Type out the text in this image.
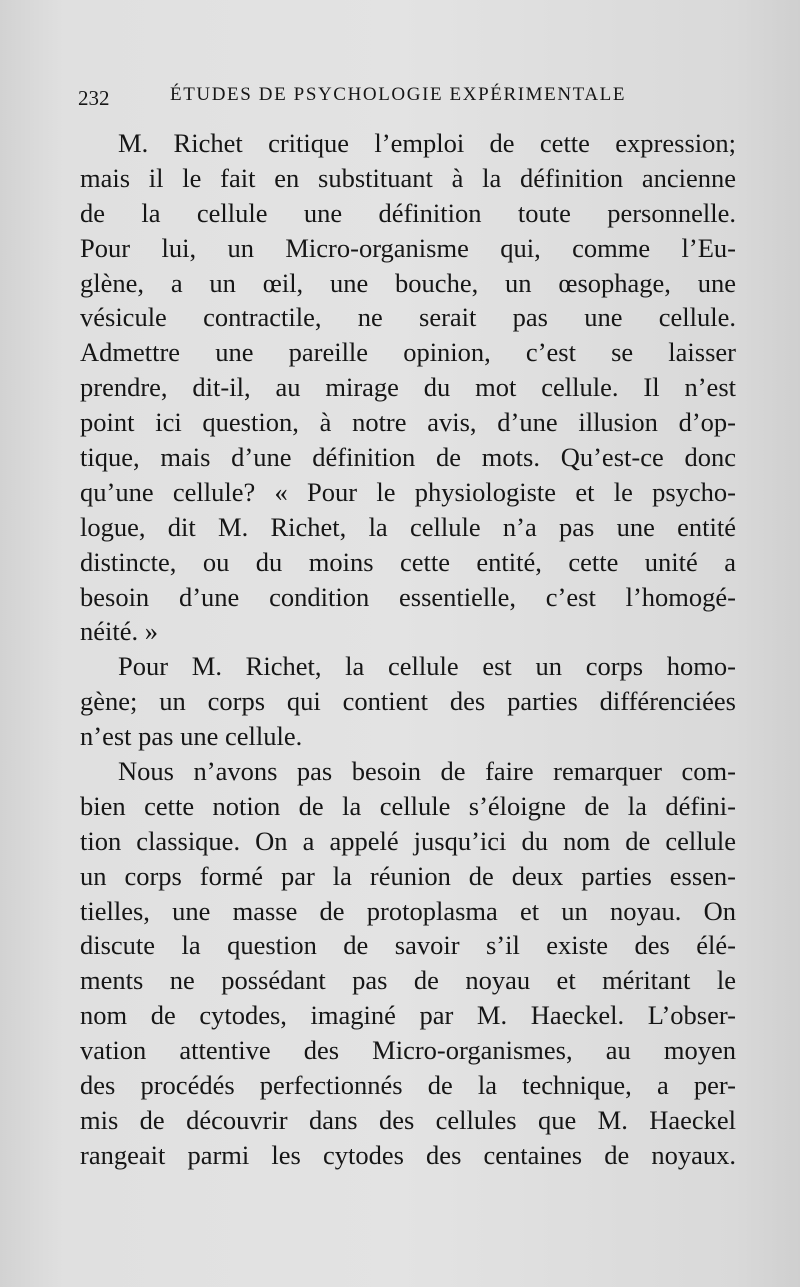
232	ÉTUDES DE PSYCHOLOGIE EXPÉRIMENTALE
M. Richet critique l’emploi de cette expression;
mais il le fait en substituant à la définition ancienne
de la cellule une définition toute personnelle.
Pour lui, un Micro-organisme qui, comme l’Eu-
glène, a un œil, une bouche, un œsophage, une
vésicule contractile, ne serait pas une cellule.
Admettre une pareille opinion, c’est se laisser
prendre, dit-il, au mirage du mot cellule. Il n’est
point ici question, à notre avis, d’une illusion d’op-
tique, mais d’une définition de mots. Qu’est-ce donc
qu’une cellule? « Pour le physiologiste et le psycho-
logue, dit M. Richet, la cellule n’a pas une entité
distincte, ou du moins cette entité, cette unité a
besoin d’une condition essentielle, c’est l’homogé-
néité. »
Pour M. Richet, la cellule est un corps homo-
gène; un corps qui contient des parties différenciées
n’est pas une cellule.
Nous n’avons pas besoin de faire remarquer com-
bien cette notion de la cellule s’éloigne de la défini-
tion classique. On a appelé jusqu’ici du nom de cellule
un corps formé par la réunion de deux parties essen-
tielles, une masse de protoplasma et un noyau. On
discute la question de savoir s’il existe des élé-
ments ne possédant pas de noyau et méritant le
nom de cytodes, imaginé par M. Haeckel. L’obser-
vation attentive des Micro-organismes, au moyen
des procédés perfectionnés de la technique, a per-
mis de découvrir dans des cellules que M. Haeckel
rangeait parmi les cytodes des centaines de noyaux.
